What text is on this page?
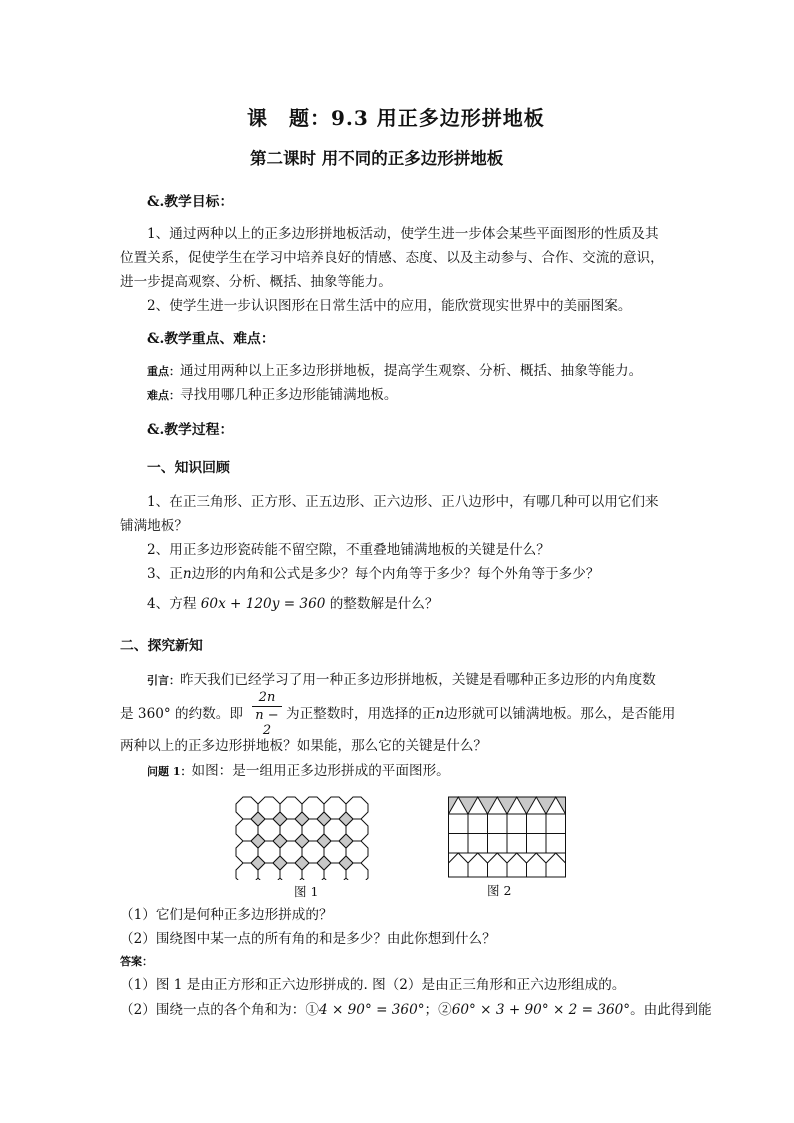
课　题：9.3 用正多边形拼地板
第二课时 用不同的正多边形拼地板
&.教学目标：
1、通过两种以上的正多边形拼地板活动，使学生进一步体会某些平面图形的性质及其
位置关系，促使学生在学习中培养良好的情感、态度、以及主动参与、合作、交流的意识，
进一步提高观察、分析、概括、抽象等能力。
2、使学生进一步认识图形在日常生活中的应用，能欣赏现实世界中的美丽图案。
&.教学重点、难点：
重点：通过用两种以上正多边形拼地板，提高学生观察、分析、概括、抽象等能力。
难点：寻找用哪几种正多边形能铺满地板。
&.教学过程：
一、知识回顾
1、在正三角形、正方形、正五边形、正六边形、正八边形中，有哪几种可以用它们来
铺满地板？
2、用正多边形瓷砖能不留空隙，不重叠地铺满地板的关键是什么？
3、正n边形的内角和公式是多少？每个内角等于多少？每个外角等于多少？
4、方程 60x + 120y = 360 的整数解是什么？
二、探究新知
引言：昨天我们已经学习了用一种正多边形拼地板，关键是看哪种正多边形的内角度数
是 360° 的约数。即
2n
n − 2
为正整数时，用选择的正n边形就可以铺满地板。那么，是否能用
两种以上的正多边形拼地板？如果能，那么它的关键是什么？
问题 1：如图：是一组用正多边形拼成的平面图形。
图 1	图 2
（1）它们是何种正多边形拼成的？
（2）围绕图中某一点的所有角的和是多少？由此你想到什么？
答案：
（1）图 1 是由正方形和正六边形拼成的. 图（2）是由正三角形和正六边形组成的。
（2）围绕一点的各个角和为：①4 × 90° = 360°；②60° × 3 + 90° × 2 = 360°。由此得到能
